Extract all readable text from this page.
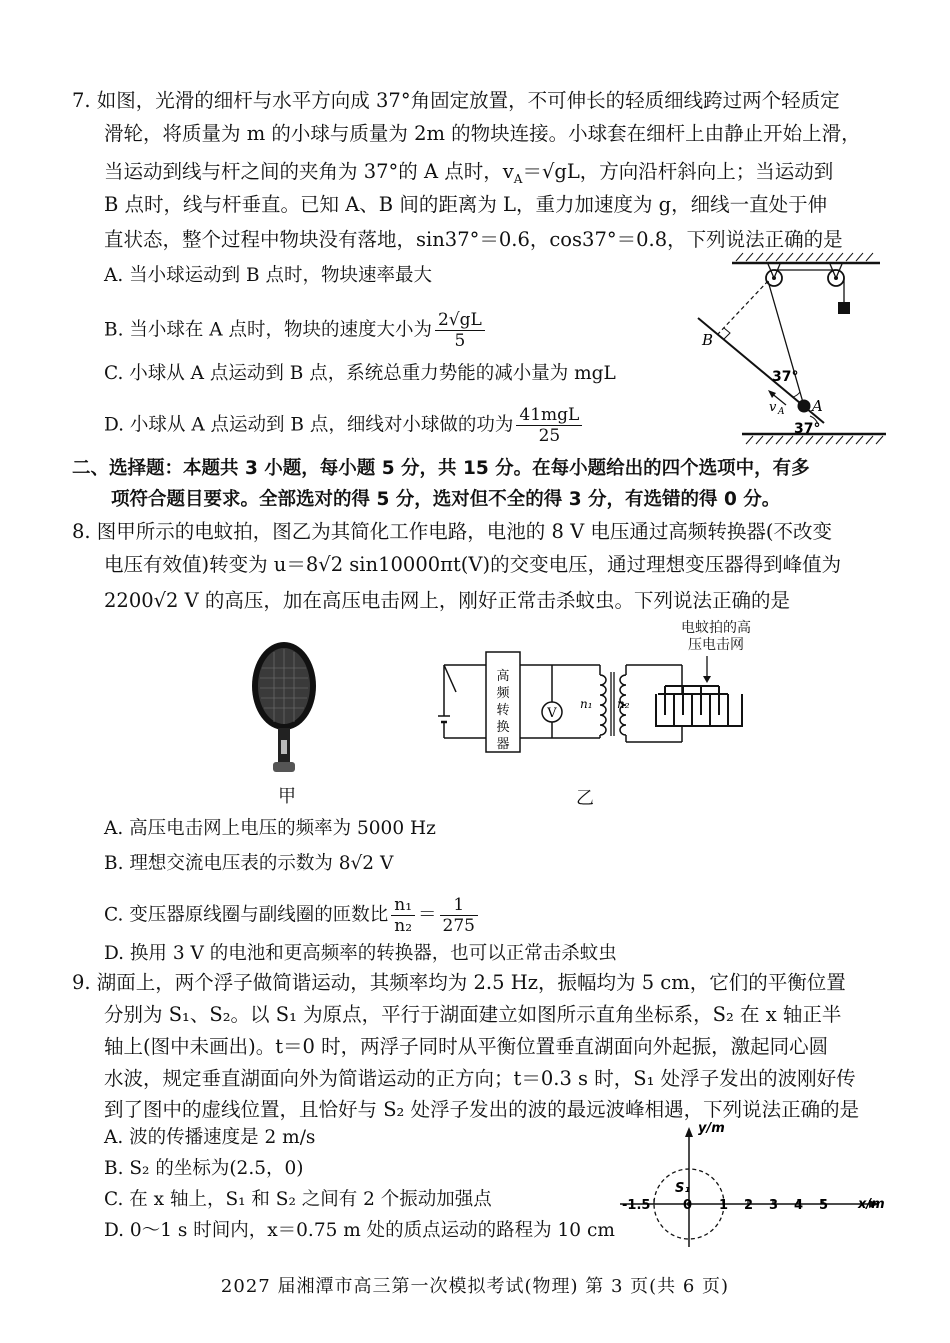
7. 如图，光滑的细杆与水平方向成 37°角固定放置，不可伸长的轻质细线跨过两个轻质定
滑轮，将质量为 m 的小球与质量为 2m 的物块连接。小球套在细杆上由静止开始上滑，
当运动到线与杆之间的夹角为 37°的 A 点时，$v_A=√gL$，方向沿杆斜向上；当运动到
B 点时，线与杆垂直。已知 A、B 间的距离为 L，重力加速度为 g，细线一直处于伸
直状态，整个过程中物块没有落地，sin37°＝0.6，cos37°＝0.8，下列说法正确的是
A. 当小球运动到 B 点时，物块速率最大
B. 当小球在 A 点时，物块的速度大小为 $\frac{2√gL}{5}$
C. 小球从 A 点运动到 B 点，系统总重力势能的减小量为 mgL
D. 小球从 A 点运动到 B 点，细线对小球做的功为 $\frac{\text{41mgL}}{25}$
B
A
37°
37°
v A
二、选择题：本题共 3 小题，每小题 5 分，共 15 分。在每小题给出的四个选项中，有多
项符合题目要求。全部选对的得 5 分，选对但不全的得 3 分，有选错的得 0 分。
8. 图甲所示的电蚊拍，图乙为其简化工作电路，电池的 8 V 电压通过高频转换器(不改变
电压有效值)转变为 u＝8√2 sin10000πt(V)的交变电压，通过理想变压器得到峰值为
2200√2 V 的高压，加在高压电击网上，刚好正常击杀蚊虫。下列说法正确的是
甲
高
频
转
换
器
V
n₁ n₂
电蚊拍的高
压电击网
乙
A. 高压电击网上电压的频率为 5000 Hz
B. 理想交流电压表的示数为 8√2 V
C. 变压器原线圈与副线圈的匝数比 $\frac{\text{n₁}}{\text{n₂}} = \frac{1}{275}$
D. 换用 3 V 的电池和更高频率的转换器，也可以正常击杀蚊虫
9. 湖面上，两个浮子做简谐运动，其频率均为 2.5 Hz，振幅均为 5 cm，它们的平衡位置
分别为 S₁、S₂。以 S₁ 为原点，平行于湖面建立如图所示直角坐标系，S₂ 在 x 轴正半
轴上(图中未画出)。t＝0 时，两浮子同时从平衡位置垂直湖面向外起振，激起同心圆
水波，规定垂直湖面向外为简谐运动的正方向；t＝0.3 s 时，S₁ 处浮子发出的波刚好传
到了图中的虚线位置，且恰好与 S₂ 处浮子发出的波的最远波峰相遇，下列说法正确的是
A. 波的传播速度是 2 m/s
B. S₂ 的坐标为(2.5，0)
C. 在 x 轴上，S₁ 和 S₂ 之间有 2 个振动加强点
D. 0～1 s 时间内，x＝0.75 m 处的质点运动的路程为 10 cm
y/m
x/m
S₁
-1.5	0 1 2 3 4 5
2027 届湘潭市高三第一次模拟考试(物理) 第 3 页(共 6 页)
